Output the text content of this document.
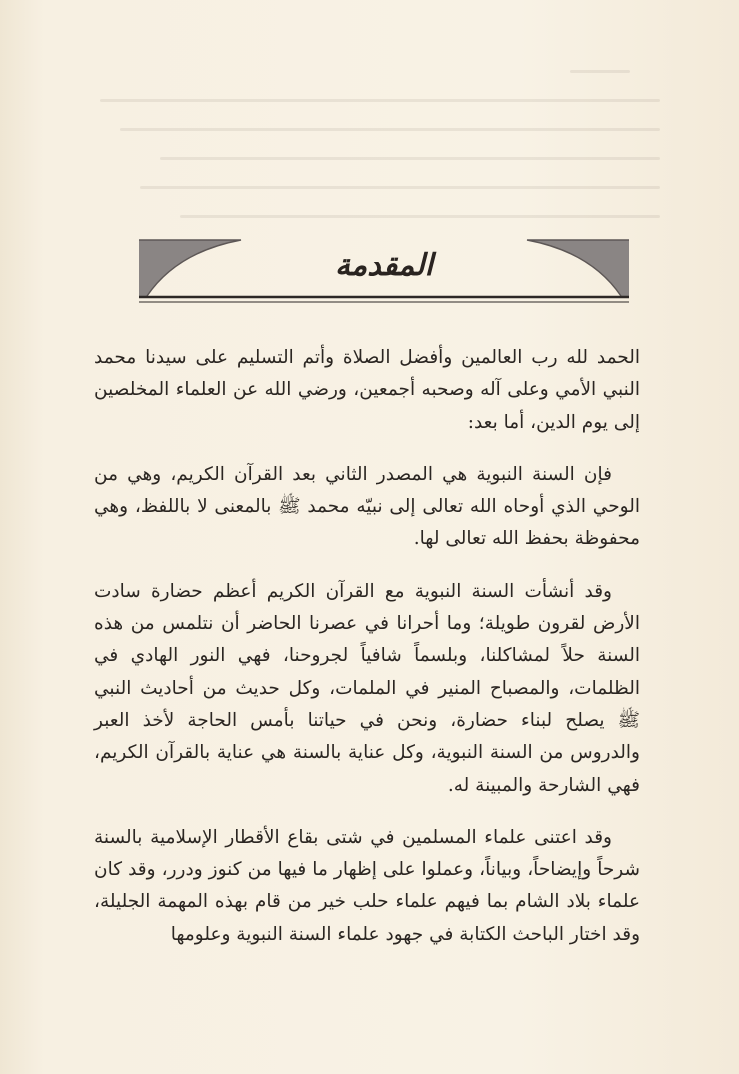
المقدمة

الحمد لله رب العالمين وأفضل الصلاة وأتم التسليم على سيدنا محمد النبي الأمي وعلى آله وصحبه أجمعين، ورضي الله عن العلماء المخلصين إلى يوم الدين، أما بعد:

فإن السنة النبوية هي المصدر الثاني بعد القرآن الكريم، وهي من الوحي الذي أوحاه الله تعالى إلى نبيّه محمد ﷺ بالمعنى لا باللفظ، وهي محفوظة بحفظ الله تعالى لها.

وقد أنشأت السنة النبوية مع القرآن الكريم أعظم حضارة سادت الأرض لقرون طويلة؛ وما أحرانا في عصرنا الحاضر أن نتلمس من هذه السنة حلاً لمشاكلنا، وبلسماً شافياً لجروحنا، فهي النور الهادي في الظلمات، والمصباح المنير في الملمات، وكل حديث من أحاديث النبي ﷺ يصلح لبناء حضارة، ونحن في حياتنا بأمس الحاجة لأخذ العبر والدروس من السنة النبوية، وكل عناية بالسنة هي عناية بالقرآن الكريم، فهي الشارحة والمبينة له.

وقد اعتنى علماء المسلمين في شتى بقاع الأقطار الإسلامية بالسنة شرحاً وإيضاحاً، وبياناً، وعملوا على إظهار ما فيها من كنوز ودرر، وقد كان علماء بلاد الشام بما فيهم علماء حلب خير من قام بهذه المهمة الجليلة، وقد اختار الباحث الكتابة في جهود علماء السنة النبوية وعلومها
